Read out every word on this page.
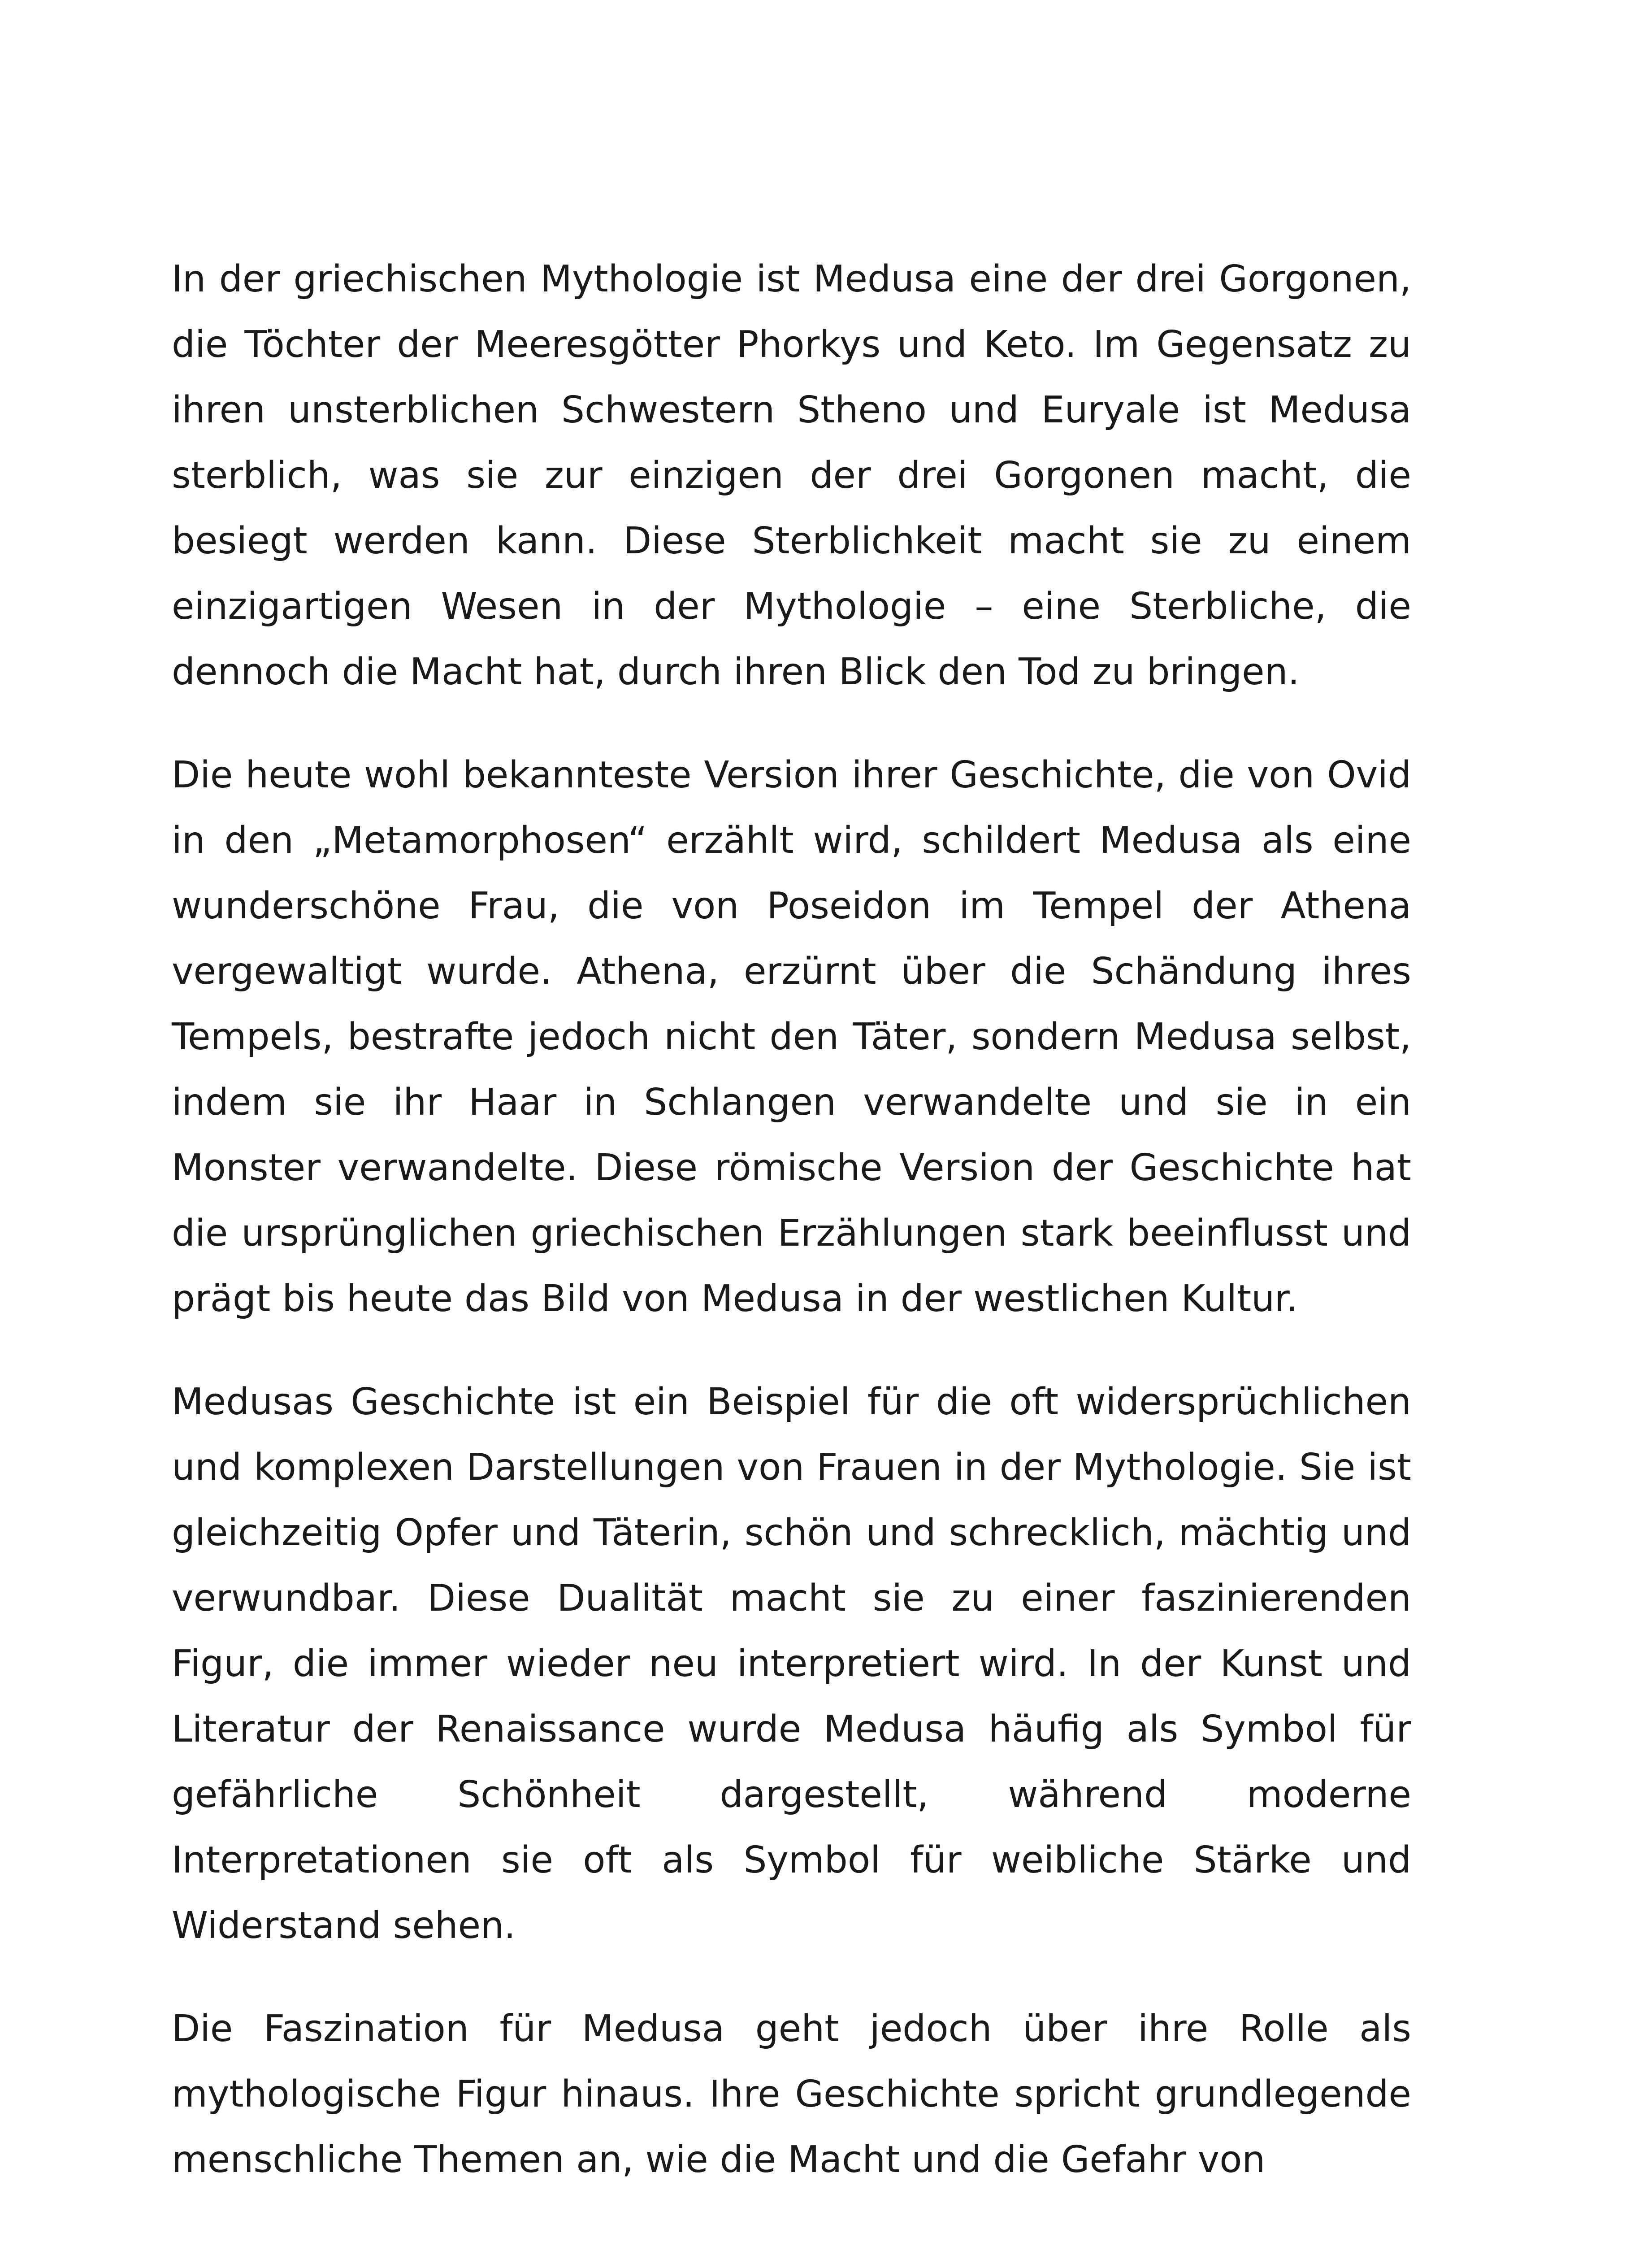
In der griechischen Mythologie ist Medusa eine der drei Gorgonen, die Töchter der Meeresgötter Phorkys und Keto. Im Gegensatz zu ihren unsterblichen Schwestern Stheno und Euryale ist Medusa sterblich, was sie zur einzigen der drei Gorgonen macht, die besiegt werden kann. Diese Sterblichkeit macht sie zu einem einzigartigen Wesen in der Mythologie – eine Sterbliche, die dennoch die Macht hat, durch ihren Blick den Tod zu bringen.

Die heute wohl bekannteste Version ihrer Geschichte, die von Ovid in den „Metamorphosen“ erzählt wird, schildert Medusa als eine wunderschöne Frau, die von Poseidon im Tempel der Athena vergewaltigt wurde. Athena, erzürnt über die Schändung ihres Tempels, bestrafte jedoch nicht den Täter, sondern Medusa selbst, indem sie ihr Haar in Schlangen verwandelte und sie in ein Monster verwandelte. Diese römische Version der Geschichte hat die ursprünglichen griechischen Erzählungen stark beeinflusst und prägt bis heute das Bild von Medusa in der westlichen Kultur.

Medusas Geschichte ist ein Beispiel für die oft widersprüchlichen und komplexen Darstellungen von Frauen in der Mythologie. Sie ist gleichzeitig Opfer und Täterin, schön und schrecklich, mächtig und verwundbar. Diese Dualität macht sie zu einer faszinierenden Figur, die immer wieder neu interpretiert wird. In der Kunst und Literatur der Renaissance wurde Medusa häufig als Symbol für gefährliche Schönheit dargestellt, während moderne Interpretationen sie oft als Symbol für weibliche Stärke und Widerstand sehen.

Die Faszination für Medusa geht jedoch über ihre Rolle als mythologische Figur hinaus. Ihre Geschichte spricht grundlegende menschliche Themen an, wie die Macht und die Gefahr von
